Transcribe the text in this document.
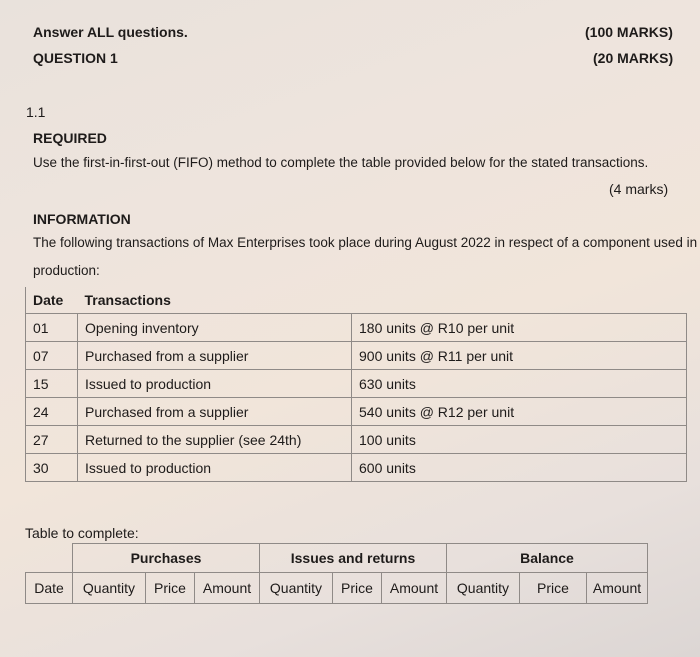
Answer ALL questions.	(100 MARKS)
QUESTION 1	(20 MARKS)
1.1
REQUIRED
Use the first-in-first-out (FIFO) method to complete the table provided below for the stated transactions.
(4 marks)
INFORMATION
The following transactions of Max Enterprises took place during August 2022 in respect of a component used in
production:
Date	Transactions	
01	Opening inventory	180 units @ R10 per unit
07	Purchased from a supplier	900 units @ R11 per unit
15	Issued to production	630 units
24	Purchased from a supplier	540 units @ R12 per unit
27	Returned to the supplier (see 24th)	100 units
30	Issued to production	600 units
Table to complete:
	Purchases			Issues and returns			Balance		
Date	Quantity	Price	Amount	Quantity	Price	Amount	Quantity	Price	Amount
